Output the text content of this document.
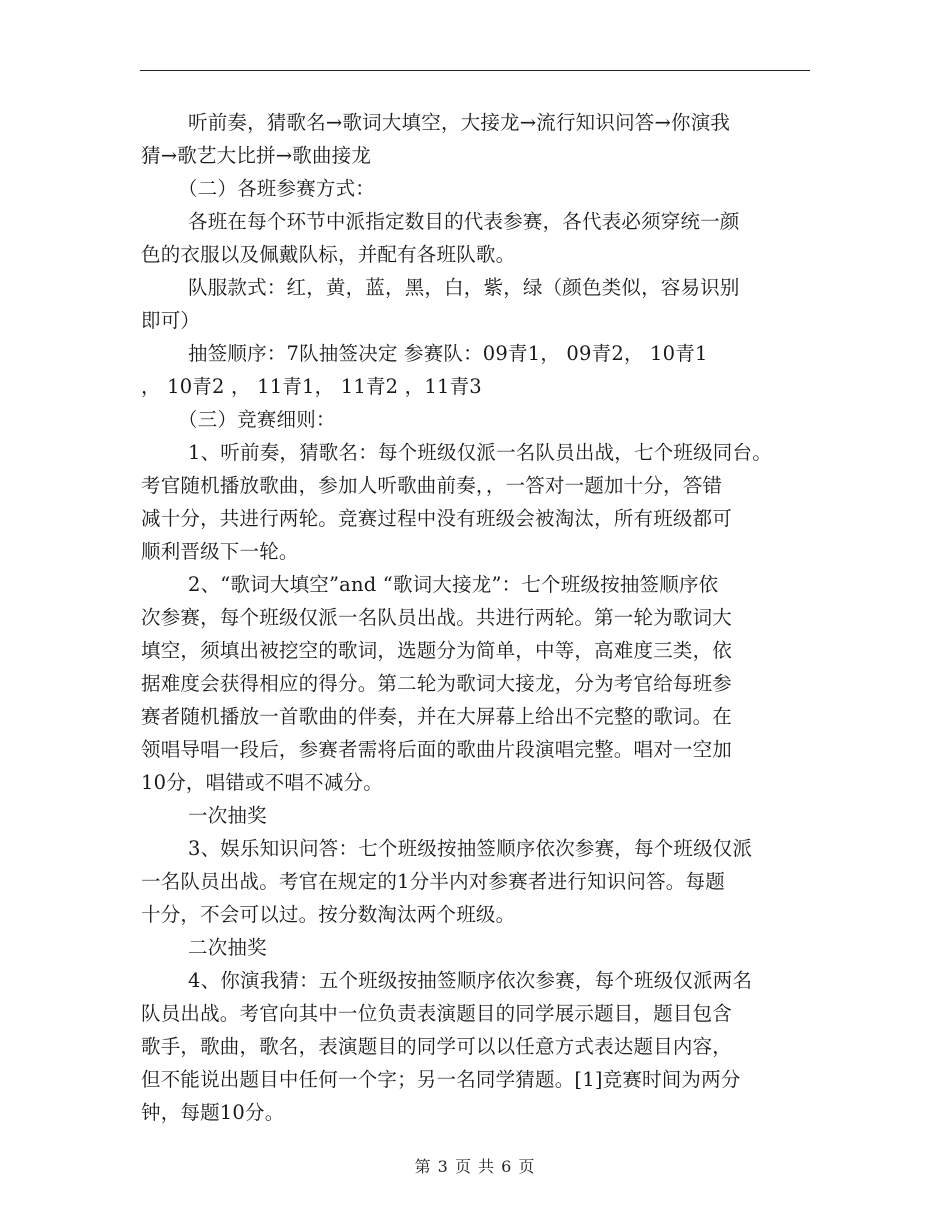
听前奏，猜歌名→歌词大填空，大接龙→流行知识问答→你演我
猜→歌艺大比拼→歌曲接龙
（二）各班参赛方式：
各班在每个环节中派指定数目的代表参赛，各代表必须穿统一颜
色的衣服以及佩戴队标，并配有各班队歌。
队服款式：红，黄，蓝，黑，白，紫，绿（颜色类似，容易识别
即可）
抽签顺序：7队抽签决定 参赛队：09青1， 09青2， 10青1
， 10青2 ， 11青1， 11青2 ，11青3
（三）竞赛细则：
1、听前奏，猜歌名：每个班级仅派一名队员出战，七个班级同台。
考官随机播放歌曲，参加人听歌曲前奏，，一答对一题加十分，答错
减十分，共进行两轮。竞赛过程中没有班级会被淘汰，所有班级都可
顺利晋级下一轮。
2、“歌词大填空”and “歌词大接龙”：七个班级按抽签顺序依
次参赛，每个班级仅派一名队员出战。共进行两轮。第一轮为歌词大
填空，须填出被挖空的歌词，选题分为简单，中等，高难度三类，依
据难度会获得相应的得分。第二轮为歌词大接龙，分为考官给每班参
赛者随机播放一首歌曲的伴奏，并在大屏幕上给出不完整的歌词。在
领唱导唱一段后，参赛者需将后面的歌曲片段演唱完整。唱对一空加
10分，唱错或不唱不减分。
一次抽奖
3、娱乐知识问答：七个班级按抽签顺序依次参赛，每个班级仅派
一名队员出战。考官在规定的1分半内对参赛者进行知识问答。每题
十分，不会可以过。按分数淘汰两个班级。
二次抽奖
4、你演我猜：五个班级按抽签顺序依次参赛，每个班级仅派两名
队员出战。考官向其中一位负责表演题目的同学展示题目，题目包含
歌手，歌曲，歌名，表演题目的同学可以以任意方式表达题目内容，
但不能说出题目中任何一个字；另一名同学猜题。[1]竞赛时间为两分
钟，每题10分。
第 3 页 共 6 页
